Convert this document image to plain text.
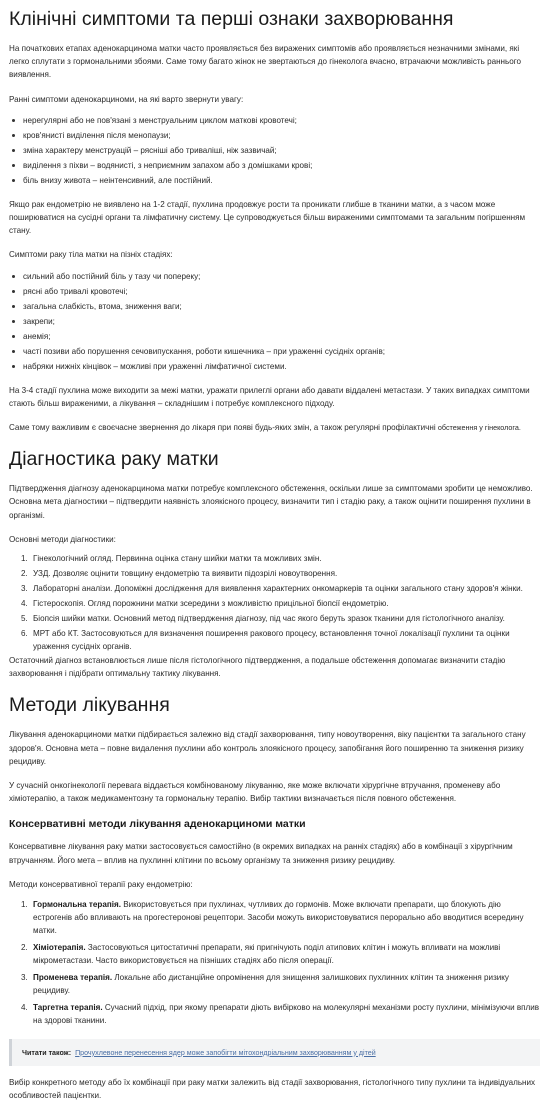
Клінічні симптоми та перші ознаки захворювання

На початкових етапах аденокарцинома матки часто проявляється без виражених симптомів або проявляється незначними змінами, які легко сплутати з гормональними збоями. Саме тому багато жінок не звертаються до гінеколога вчасно, втрачаючи можливість раннього виявлення.

Ранні симптоми аденокарциноми, на які варто звернути увагу:

нерегулярні або не пов'язані з менструальним циклом маткові кровотечі;
кров'янисті виділення після менопаузи;
зміна характеру менструацій – рясніші або триваліші, ніж зазвичай;
виділення з піхви – водянисті, з неприємним запахом або з домішками крові;
біль внизу живота – неінтенсивний, але постійний.

Якщо рак ендометрію не виявлено на 1-2 стадії, пухлина продовжує рости та проникати глибше в тканини матки, а з часом може поширюватися на сусідні органи та лімфатичну систему. Це супроводжується більш вираженими симптомами та загальним погіршенням стану.

Симптоми раку тіла матки на пізніх стадіях:

сильний або постійний біль у тазу чи попереку;
рясні або тривалі кровотечі;
загальна слабкість, втома, зниження ваги;
закрепи;
анемія;
часті позиви або порушення сечовипускання, роботи кишечника – при ураженні сусідніх органів;
набряки нижніх кінцівок – можливі при ураженні лімфатичної системи.

На 3-4 стадії пухлина може виходити за межі матки, уражати прилеглі органи або давати віддалені метастази. У таких випадках симптоми стають більш вираженими, а лікування – складнішим і потребує комплексного підходу.

Саме тому важливим є своєчасне звернення до лікаря при появі будь-яких змін, а також регулярні профілактичні обстеження у гінеколога.

Діагностика раку матки

Підтвердження діагнозу аденокарцинома матки потребує комплексного обстеження, оскільки лише за симптомами зробити це неможливо. Основна мета діагностики – підтвердити наявність злоякісного процесу, визначити тип і стадію раку, а також оцінити поширення пухлини в організмі.

Основні методи діагностики:

1. Гінекологічний огляд. Первинна оцінка стану шийки матки та можливих змін.
2. УЗД. Дозволяє оцінити товщину ендометрію та виявити підозрілі новоутворення.
3. Лабораторні аналізи. Допоміжні дослідження для виявлення характерних онкомаркерів та оцінки загального стану здоров'я жінки.
4. Гістероскопія. Огляд порожнини матки зсередини з можливістю прицільної біопсії ендометрію.
5. Біопсія шийки матки. Основний метод підтвердження діагнозу, під час якого беруть зразок тканини для гістологічного аналізу.
6. МРТ або КТ. Застосовуються для визначення поширення ракового процесу, встановлення точної локалізації пухлини та оцінки ураження сусідніх органів.

Остаточний діагноз встановлюється лише після гістологічного підтвердження, а подальше обстеження допомагає визначити стадію захворювання і підібрати оптимальну тактику лікування.

Методи лікування

Лікування аденокарциноми матки підбирається залежно від стадії захворювання, типу новоутворення, віку пацієнтки та загального стану здоров'я. Основна мета – повне видалення пухлини або контроль злоякісного процесу, запобігання його поширенню та зниження ризику рецидиву.

У сучасній онкогінекології перевага віддається комбінованому лікуванню, яке може включати хірургічне втручання, променеву або хіміотерапію, а також медикаментозну та гормональну терапію. Вибір тактики визначається після повного обстеження.

Консервативні методи лікування аденокарциноми матки

Консервативне лікування раку матки застосовується самостійно (в окремих випадках на ранніх стадіях) або в комбінації з хірургічним втручанням. Його мета – вплив на пухлинні клітини по всьому організму та зниження ризику рецидиву.

Методи консервативної терапії раку ендометрію:

1. Гормональна терапія. Використовується при пухлинах, чутливих до гормонів. Може включати препарати, що блокують дію естрогенів або впливають на прогестеронові рецептори. Засоби можуть використовуватися перорально або вводитися всередину матки.
2. Хіміотерапія. Застосовуються цитостатичні препарати, які пригнічують поділ атипових клітин і можуть впливати на можливі мікрометастази. Часто використовується на пізніших стадіях або після операції.
3. Променева терапія. Локальне або дистанційне опромінення для знищення залишкових пухлинних клітин та зниження ризику рецидиву.
4. Таргетна терапія. Сучасний підхід, при якому препарати діють вибірково на молекулярні механізми росту пухлини, мінімізуючи вплив на здорові тканини.
Читати також: Прочухлевоне перенесення ядер може запобігти мітохондріальним захворюванням у дітей

Вибір конкретного методу або їх комбінації при раку матки залежить від стадії захворювання, гістологічного типу пухлини та індивідуальних особливостей пацієнтки.
